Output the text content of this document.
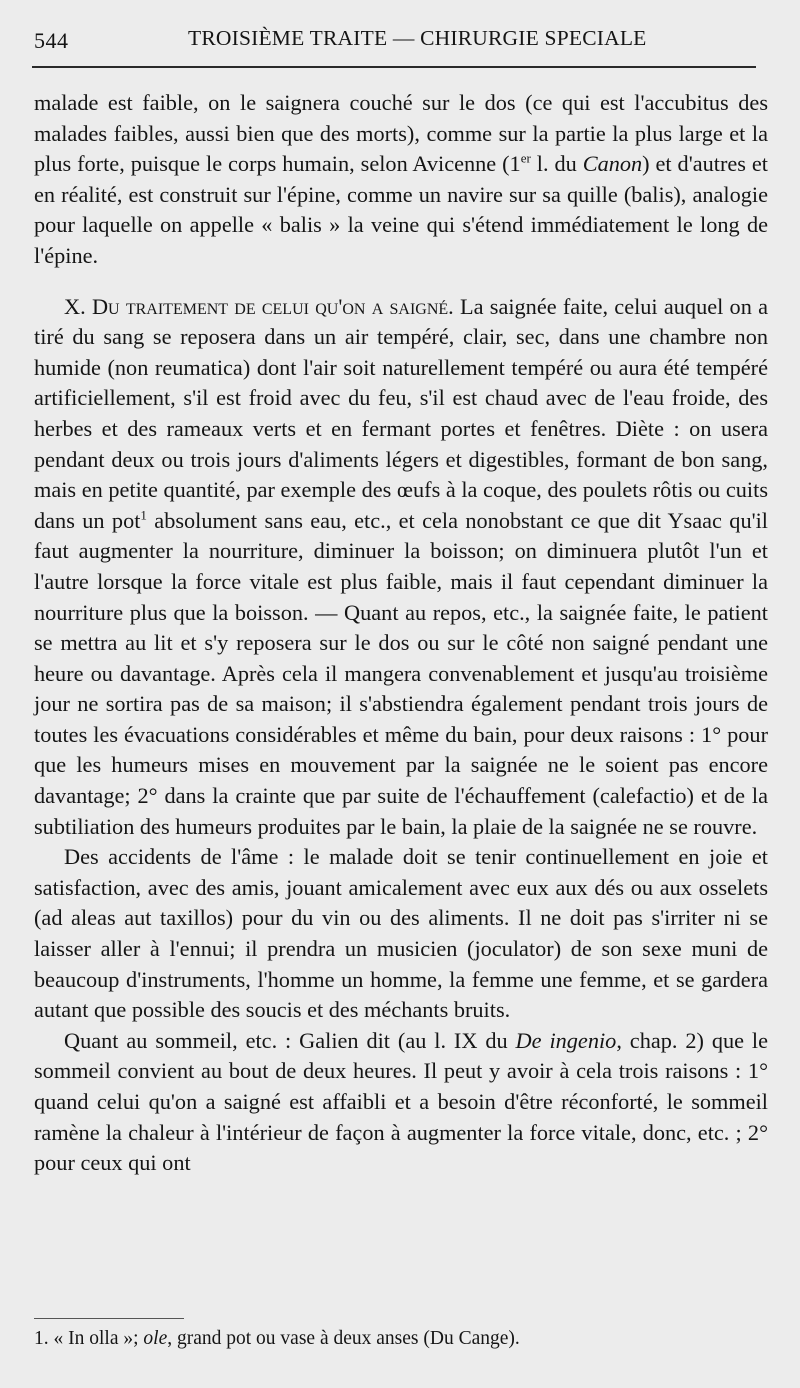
544	TROISIÈME TRAITE — CHIRURGIE SPECIALE

malade est faible, on le saignera couché sur le dos (ce qui est l'accubitus des malades faibles, aussi bien que des morts), comme sur la partie la plus large et la plus forte, puisque le corps humain, selon Avicenne (1er l. du Canon) et d'autres et en réalité, est construit sur l'épine, comme un navire sur sa quille (balis), analogie pour laquelle on appelle « balis » la veine qui s'étend immédiatement le long de l'épine.

X. Du traitement de celui qu'on a saigné. La saignée faite, celui auquel on a tiré du sang se reposera dans un air tempéré, clair, sec, dans une chambre non humide (non reumatica) dont l'air soit naturellement tempéré ou aura été tempéré artificiellement, s'il est froid avec du feu, s'il est chaud avec de l'eau froide, des herbes et des rameaux verts et en fermant portes et fenêtres. Diète : on usera pendant deux ou trois jours d'aliments légers et digestibles, formant de bon sang, mais en petite quantité, par exemple des œufs à la coque, des poulets rôtis ou cuits dans un pot$^1$ absolument sans eau, etc., et cela nonobstant ce que dit Ysaac qu'il faut augmenter la nourriture, diminuer la boisson; on diminuera plutôt l'un et l'autre lorsque la force vitale est plus faible, mais il faut cependant diminuer la nourriture plus que la boisson. — Quant au repos, etc., la saignée faite, le patient se mettra au lit et s'y reposera sur le dos ou sur le côté non saigné pendant une heure ou davantage. Après cela il mangera convenablement et jusqu'au troisième jour ne sortira pas de sa maison; il s'abstiendra également pendant trois jours de toutes les évacuations considérables et même du bain, pour deux raisons : 1° pour que les humeurs mises en mouvement par la saignée ne le soient pas encore davantage; 2° dans la crainte que par suite de l'échauffement (calefactio) et de la subtiliation des humeurs produites par le bain, la plaie de la saignée ne se rouvre.

Des accidents de l'âme : le malade doit se tenir continuellement en joie et satisfaction, avec des amis, jouant amicalement avec eux aux dés ou aux osselets (ad aleas aut taxillos) pour du vin ou des aliments. Il ne doit pas s'irriter ni se laisser aller à l'ennui; il prendra un musicien (joculator) de son sexe muni de beaucoup d'instruments, l'homme un homme, la femme une femme, et se gardera autant que possible des soucis et des méchants bruits.

Quant au sommeil, etc. : Galien dit (au l. IX du De ingenio, chap. 2) que le sommeil convient au bout de deux heures. Il peut y avoir à cela trois raisons : 1° quand celui qu'on a saigné est affaibli et a besoin d'être réconforté, le sommeil ramène la chaleur à l'intérieur de façon à augmenter la force vitale, donc, etc. ; 2° pour ceux qui ont

1. « In olla »; ole, grand pot ou vase à deux anses (Du Cange).
